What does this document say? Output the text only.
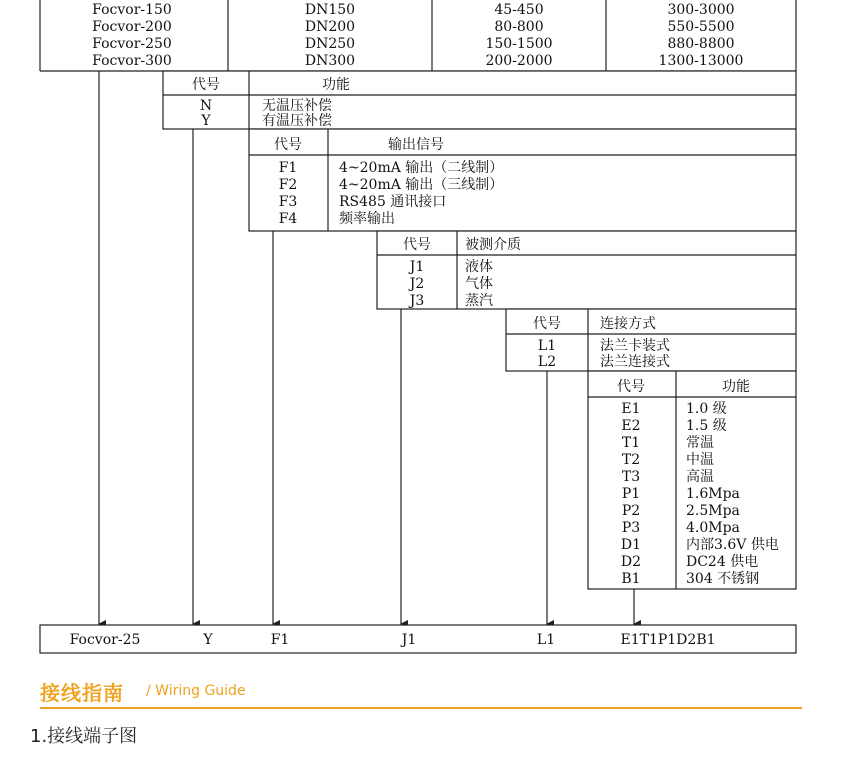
Focvor-150	DN150	45-450	300-3000
Focvor-200	DN200	80-800	550-5500
Focvor-250	DN250	150-1500	880-8800
Focvor-300	DN300	200-2000	1300-13000
代号	功能
N	无温压补偿
Y	有温压补偿
代号	输出信号
F1	4~20mA 输出（二线制）
F2	4~20mA 输出（三线制）
F3	RS485 通讯接口
F4	频率输出
代号 被测介质
J1	液体
J2	气体
J3	蒸汽
代号	连接方式
L1	法兰卡装式
L2	法兰连接式
代号	功能
E1	1.0 级
E2	1.5 级
T1	常温
T2	中温
T3	高温
P1	1.6Mpa
P2	2.5Mpa
P3	4.0Mpa
D1	内部3.6V 供电
D2	DC24 供电
B1	304 不锈钢
Focvor-25	Y	F1	J1	L1	E1T1P1D2B1
接线指南 / Wiring Guide
1.接线端子图
